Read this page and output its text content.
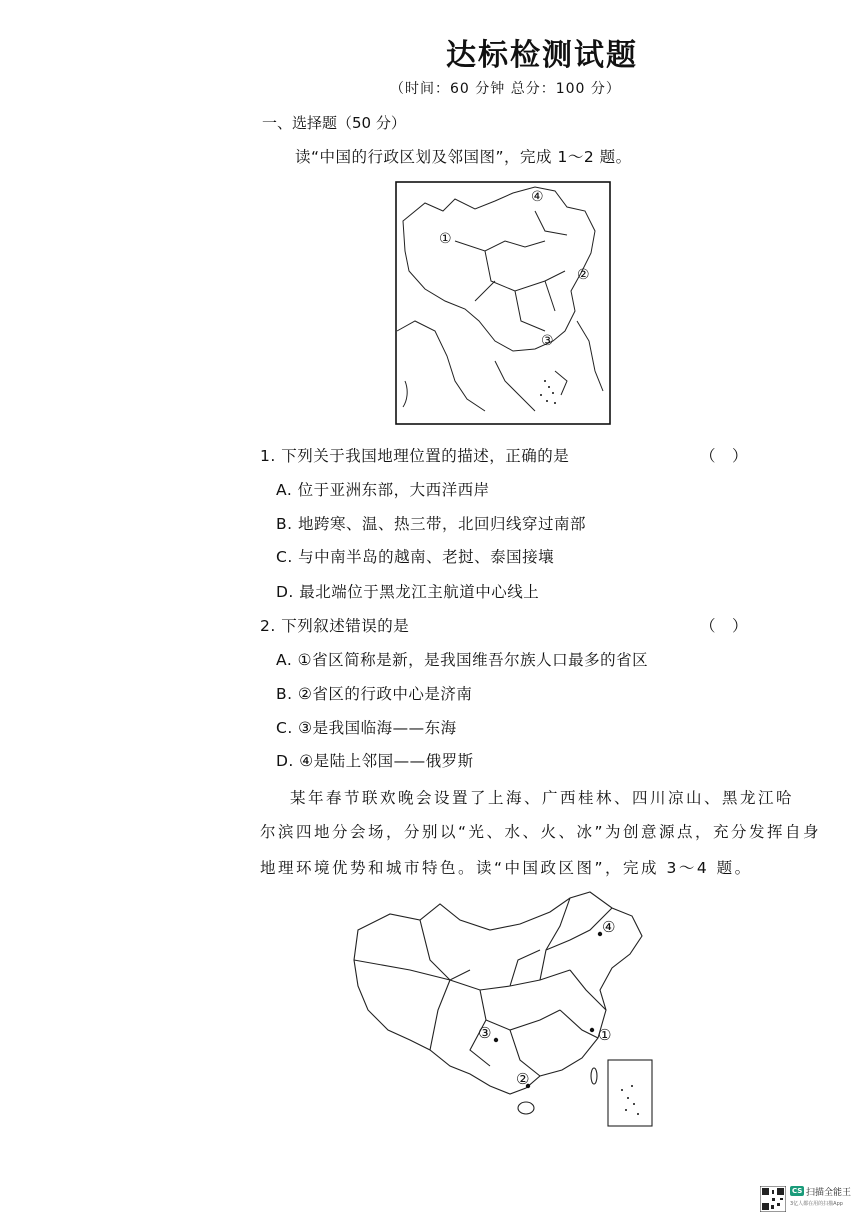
达标检测试题
（时间：60 分钟 总分：100 分）
一、选择题（50 分）
读“中国的行政区划及邻国图”，完成 1～2 题。
①
②
③
④
1. 下列关于我国地理位置的描述，正确的是	（　）
A. 位于亚洲东部，大西洋西岸
B. 地跨寒、温、热三带，北回归线穿过南部
C. 与中南半岛的越南、老挝、泰国接壤
D. 最北端位于黑龙江主航道中心线上
2. 下列叙述错误的是	（　）
A. ①省区简称是新，是我国维吾尔族人口最多的省区
B. ②省区的行政中心是济南
C. ③是我国临海——东海
D. ④是陆上邻国——俄罗斯
某年春节联欢晚会设置了上海、广西桂林、四川凉山、黑龙江哈
尔滨四地分会场，分别以“光、水、火、冰”为创意源点，充分发挥自身
地理环境优势和城市特色。读“中国政区图”，完成 3～4 题。
①
②
③
④
CS 扫描全能王
3亿人都在用的扫描App
